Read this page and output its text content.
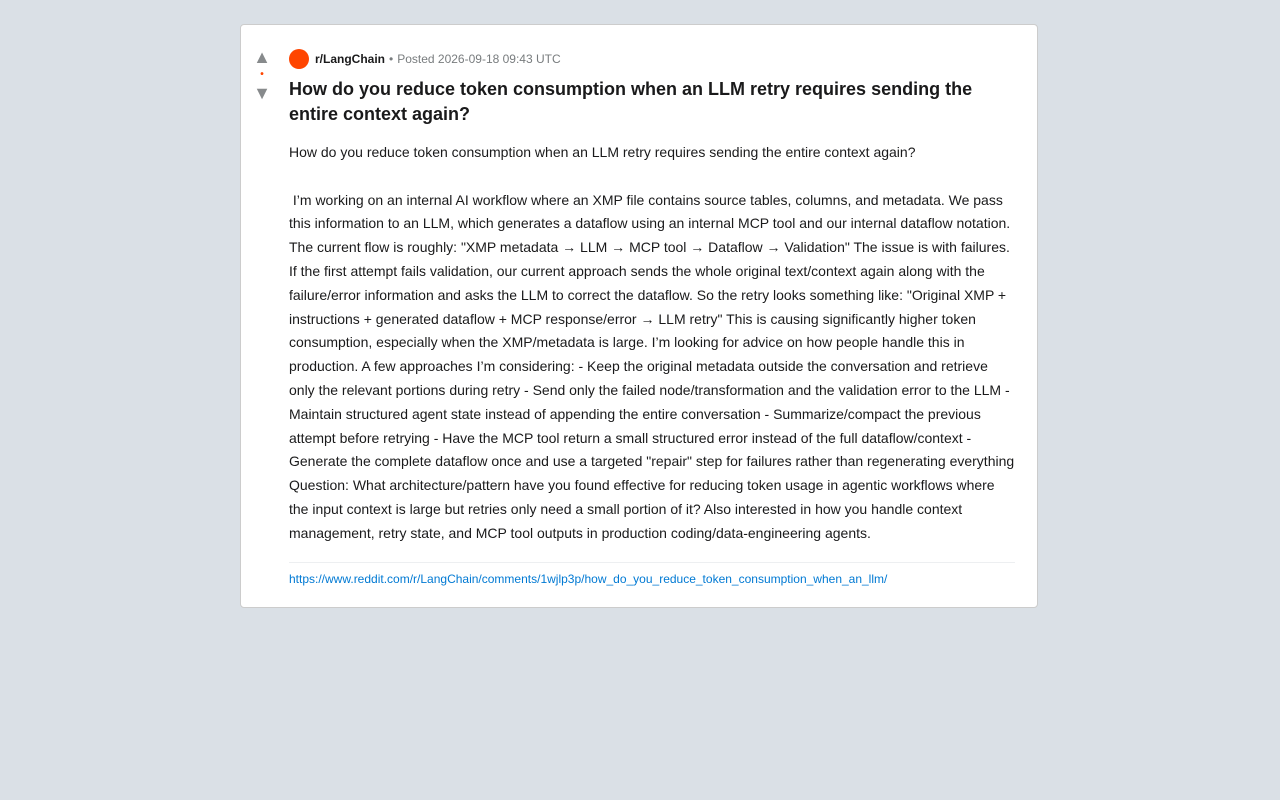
▲
•
▼
r/LangChain • Posted 2026-09-18 09:43 UTC
How do you reduce token consumption when an LLM retry requires sending the entire context again?
How do you reduce token consumption when an LLM retry requires sending the entire context again?

I’m working on an internal AI workflow where an XMP file contains source tables, columns, and metadata. We pass this information to an LLM, which generates a dataflow using an internal MCP tool and our internal dataflow notation. The current flow is roughly: "XMP metadata → LLM → MCP tool → Dataflow → Validation" The issue is with failures. If the first attempt fails validation, our current approach sends the whole original text/context again along with the failure/error information and asks the LLM to correct the dataflow. So the retry looks something like: "Original XMP + instructions + generated dataflow + MCP response/error → LLM retry" This is causing significantly higher token consumption, especially when the XMP/metadata is large. I’m looking for advice on how people handle this in production. A few approaches I’m considering: - Keep the original metadata outside the conversation and retrieve only the relevant portions during retry - Send only the failed node/transformation and the validation error to the LLM - Maintain structured agent state instead of appending the entire conversation - Summarize/compact the previous attempt before retrying - Have the MCP tool return a small structured error instead of the full dataflow/context - Generate the complete dataflow once and use a targeted "repair" step for failures rather than regenerating everything Question: What architecture/pattern have you found effective for reducing token usage in agentic workflows where the input context is large but retries only need a small portion of it? Also interested in how you handle context management, retry state, and MCP tool outputs in production coding/data-engineering agents.
https://www.reddit.com/r/LangChain/comments/1wjlp3p/how_do_you_reduce_token_consumption_when_an_llm/
